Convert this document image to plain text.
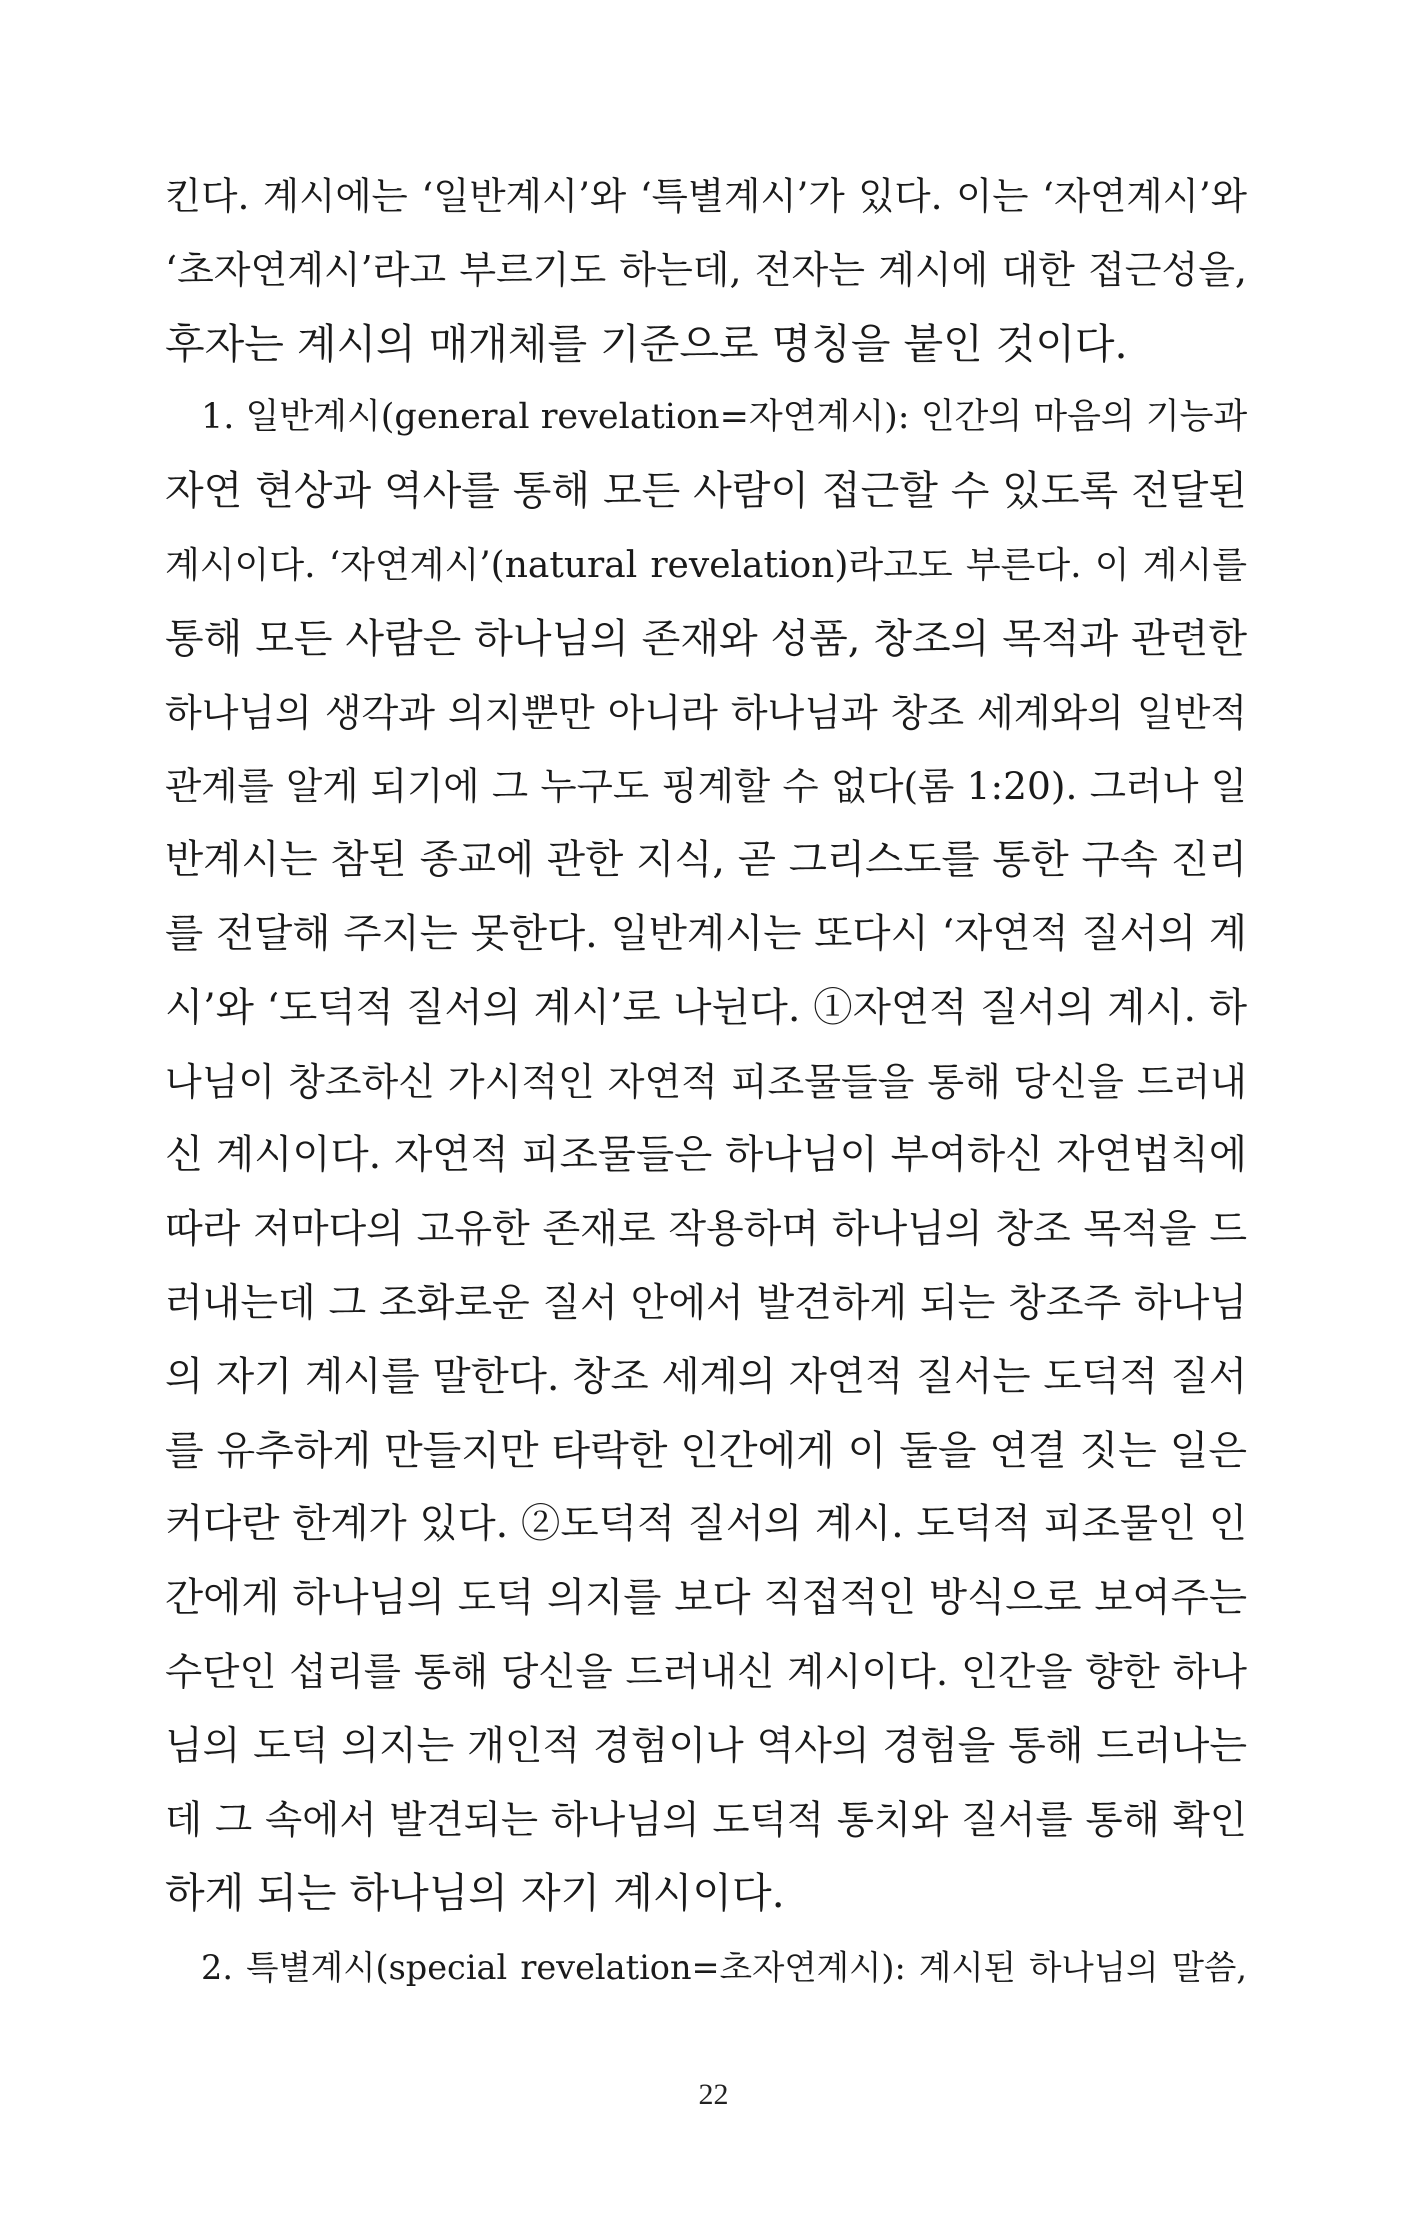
킨다. 계시에는 ‘일반계시’와 ‘특별계시’가 있다. 이는 ‘자연계시’와
‘초자연계시’라고 부르기도 하는데, 전자는 계시에 대한 접근성을,
후자는 계시의 매개체를 기준으로 명칭을 붙인 것이다.
1. 일반계시(general revelation=자연계시): 인간의 마음의 기능과
자연 현상과 역사를 통해 모든 사람이 접근할 수 있도록 전달된
계시이다. ‘자연계시’(natural revelation)라고도 부른다. 이 계시를
통해 모든 사람은 하나님의 존재와 성품, 창조의 목적과 관련한
하나님의 생각과 의지뿐만 아니라 하나님과 창조 세계와의 일반적
관계를 알게 되기에 그 누구도 핑계할 수 없다(롬 1:20). 그러나 일
반계시는 참된 종교에 관한 지식, 곧 그리스도를 통한 구속 진리
를 전달해 주지는 못한다. 일반계시는 또다시 ‘자연적 질서의 계
시’와 ‘도덕적 질서의 계시’로 나뉜다. ①자연적 질서의 계시. 하
나님이 창조하신 가시적인 자연적 피조물들을 통해 당신을 드러내
신 계시이다. 자연적 피조물들은 하나님이 부여하신 자연법칙에
따라 저마다의 고유한 존재로 작용하며 하나님의 창조 목적을 드
러내는데 그 조화로운 질서 안에서 발견하게 되는 창조주 하나님
의 자기 계시를 말한다. 창조 세계의 자연적 질서는 도덕적 질서
를 유추하게 만들지만 타락한 인간에게 이 둘을 연결 짓는 일은
커다란 한계가 있다. ②도덕적 질서의 계시. 도덕적 피조물인 인
간에게 하나님의 도덕 의지를 보다 직접적인 방식으로 보여주는
수단인 섭리를 통해 당신을 드러내신 계시이다. 인간을 향한 하나
님의 도덕 의지는 개인적 경험이나 역사의 경험을 통해 드러나는
데 그 속에서 발견되는 하나님의 도덕적 통치와 질서를 통해 확인
하게 되는 하나님의 자기 계시이다.
2. 특별계시(special revelation=초자연계시): 계시된 하나님의 말씀,
22
